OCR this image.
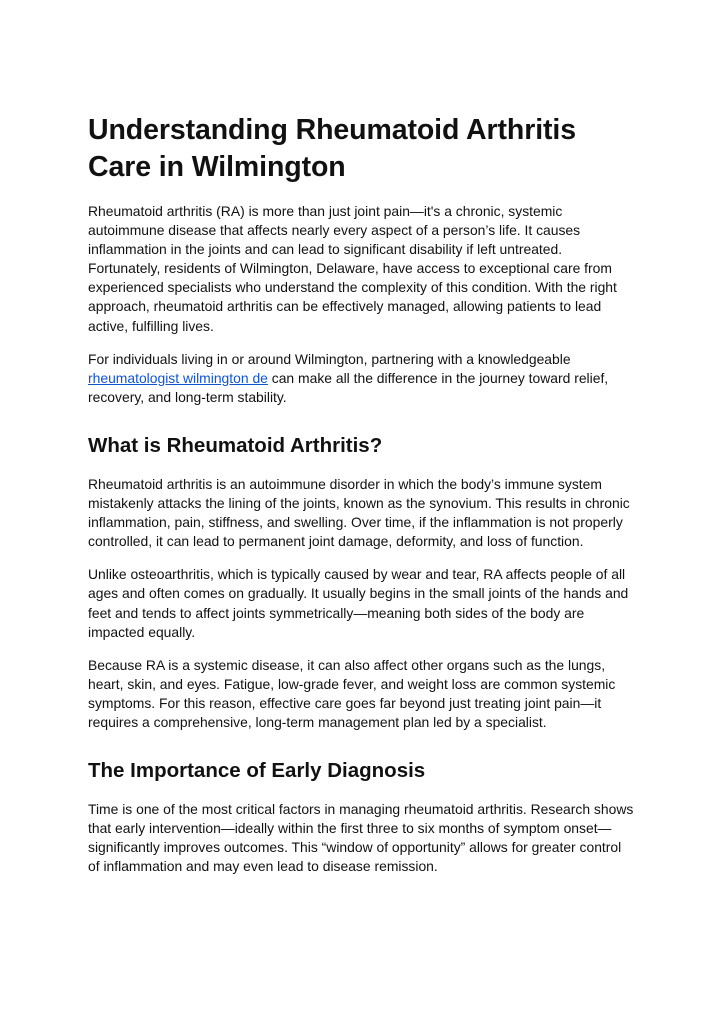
Understanding Rheumatoid Arthritis Care in Wilmington

Rheumatoid arthritis (RA) is more than just joint pain—it's a chronic, systemic autoimmune disease that affects nearly every aspect of a person’s life. It causes inflammation in the joints and can lead to significant disability if left untreated. Fortunately, residents of Wilmington, Delaware, have access to exceptional care from experienced specialists who understand the complexity of this condition. With the right approach, rheumatoid arthritis can be effectively managed, allowing patients to lead active, fulfilling lives.

For individuals living in or around Wilmington, partnering with a knowledgeable rheumatologist wilmington de can make all the difference in the journey toward relief, recovery, and long-term stability.

What is Rheumatoid Arthritis?

Rheumatoid arthritis is an autoimmune disorder in which the body’s immune system mistakenly attacks the lining of the joints, known as the synovium. This results in chronic inflammation, pain, stiffness, and swelling. Over time, if the inflammation is not properly controlled, it can lead to permanent joint damage, deformity, and loss of function.

Unlike osteoarthritis, which is typically caused by wear and tear, RA affects people of all ages and often comes on gradually. It usually begins in the small joints of the hands and feet and tends to affect joints symmetrically—meaning both sides of the body are impacted equally.

Because RA is a systemic disease, it can also affect other organs such as the lungs, heart, skin, and eyes. Fatigue, low-grade fever, and weight loss are common systemic symptoms. For this reason, effective care goes far beyond just treating joint pain—it requires a comprehensive, long-term management plan led by a specialist.

The Importance of Early Diagnosis

Time is one of the most critical factors in managing rheumatoid arthritis. Research shows that early intervention—ideally within the first three to six months of symptom onset—significantly improves outcomes. This “window of opportunity” allows for greater control of inflammation and may even lead to disease remission.
